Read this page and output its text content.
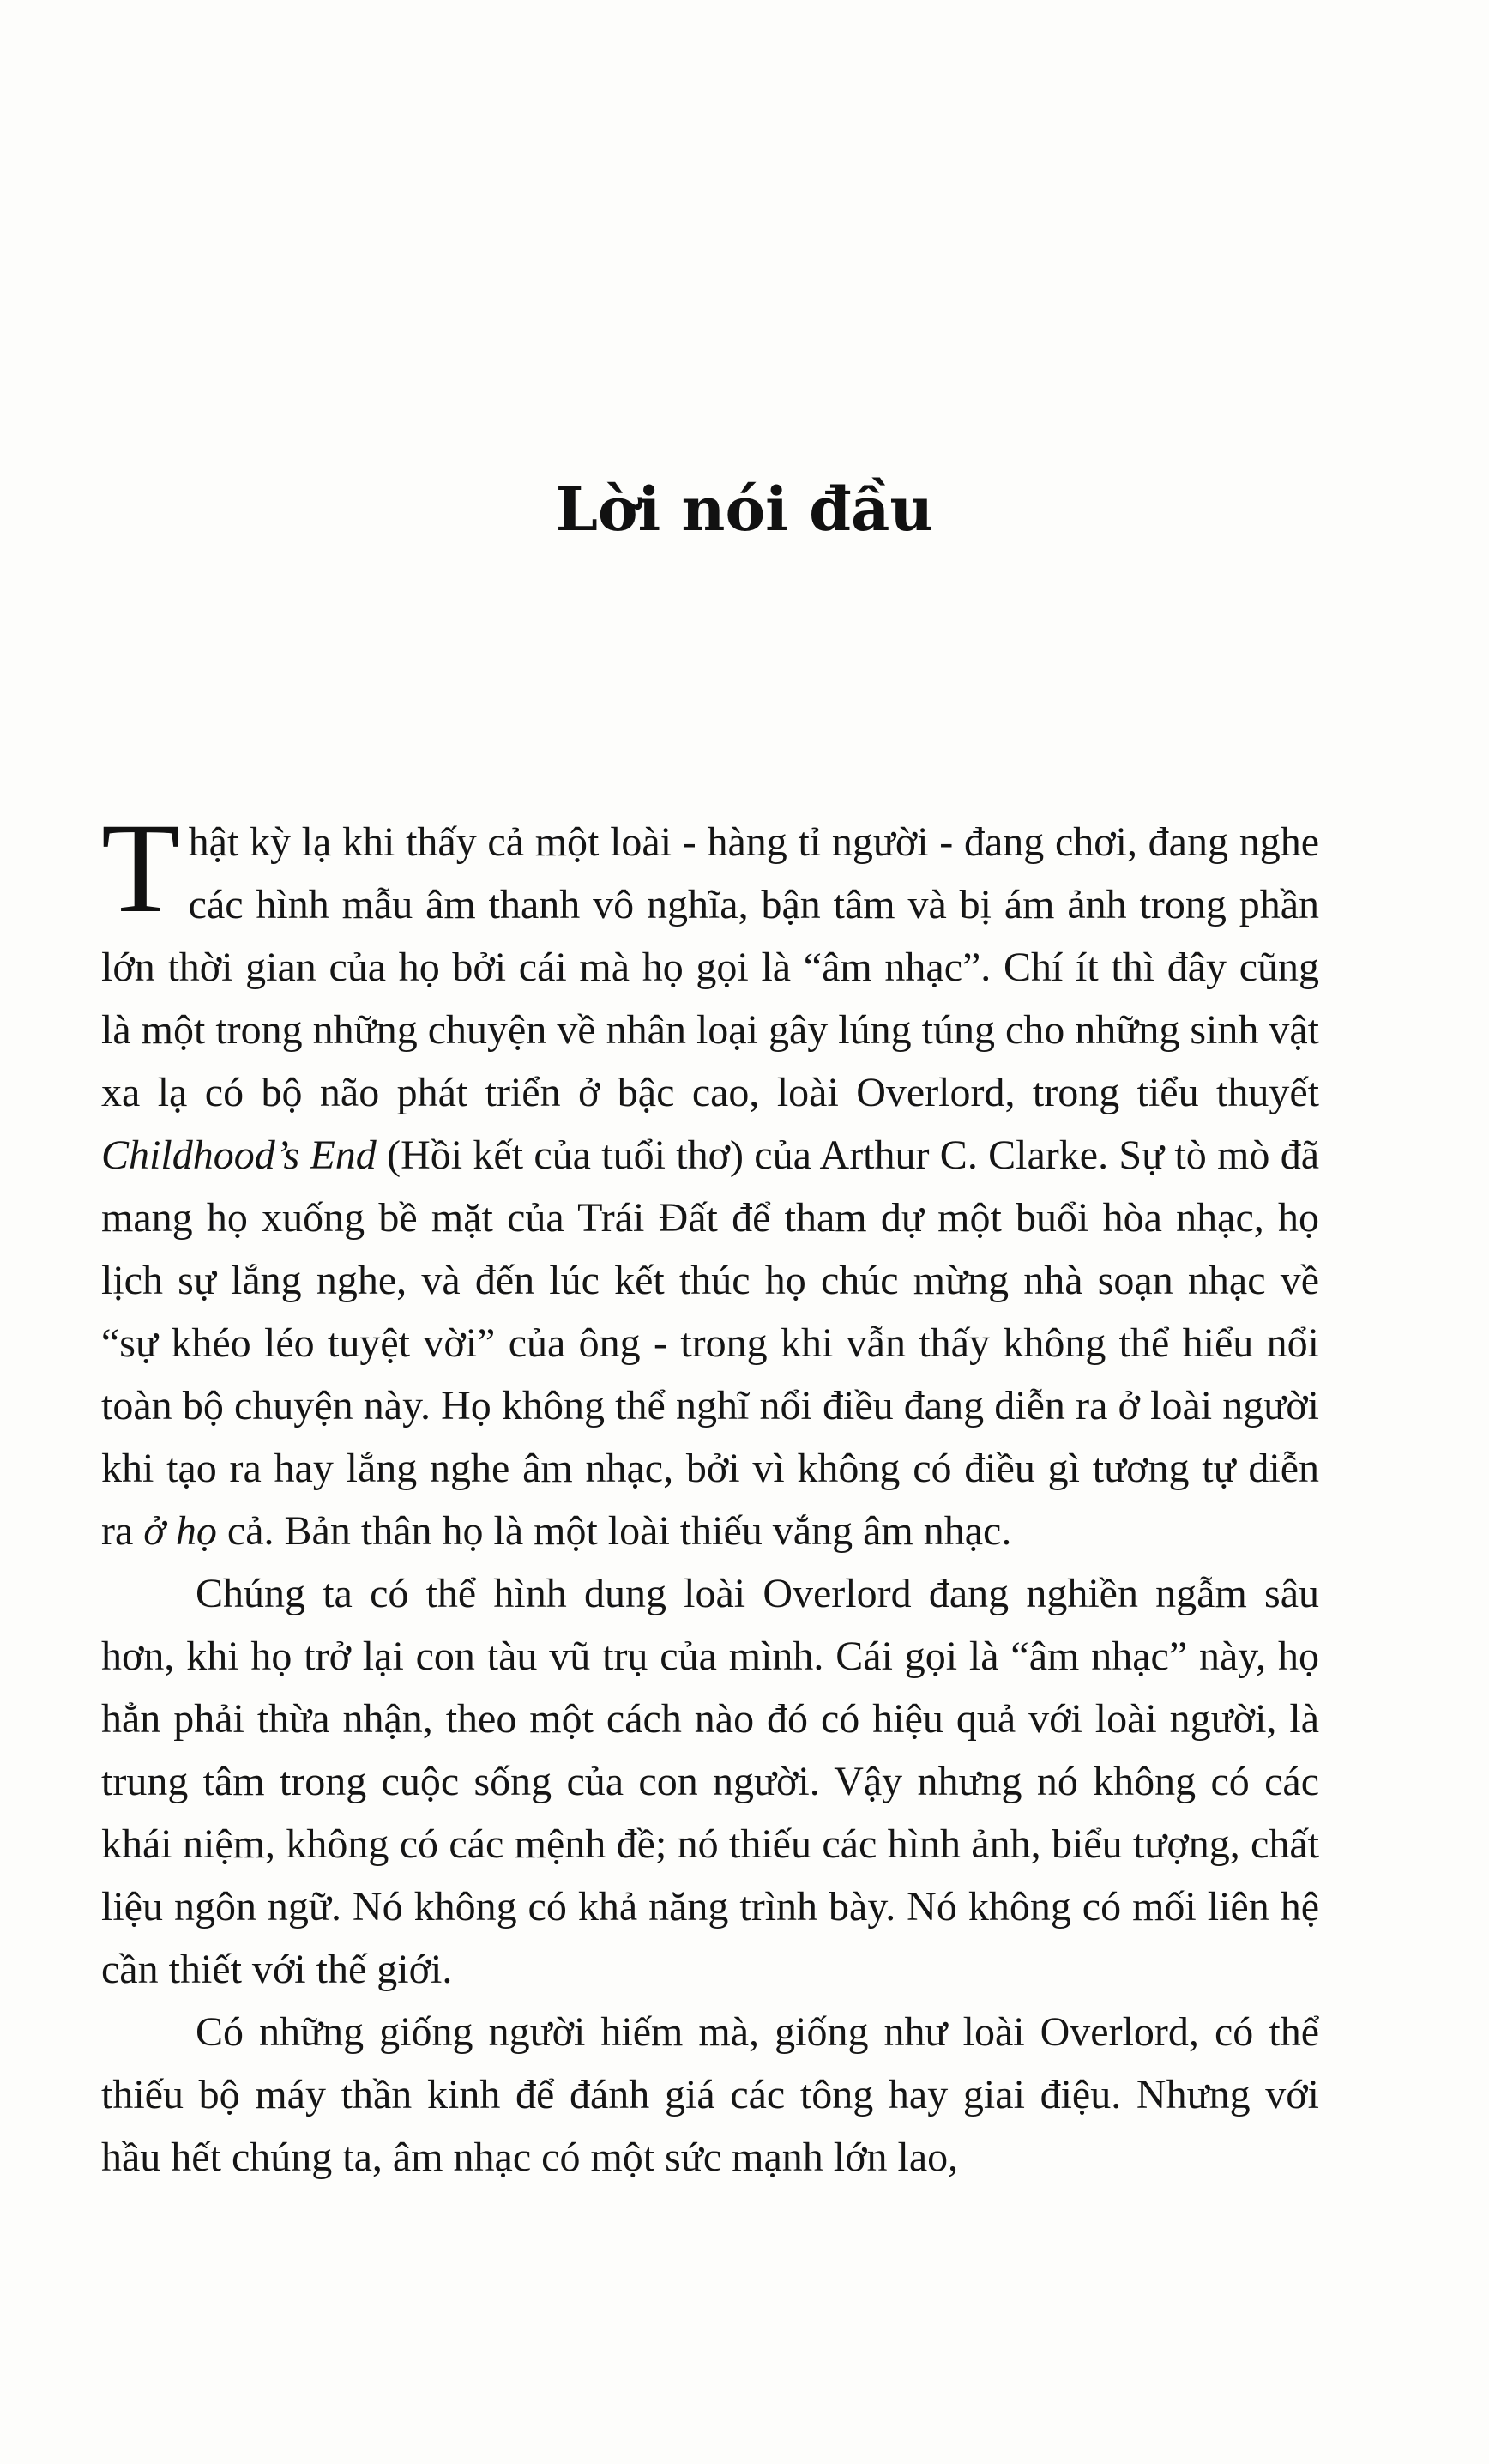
Lời nói đầu

Thật kỳ lạ khi thấy cả một loài - hàng tỉ người - đang chơi, đang nghe các hình mẫu âm thanh vô nghĩa, bận tâm và bị ám ảnh trong phần lớn thời gian của họ bởi cái mà họ gọi là “âm nhạc”. Chí ít thì đây cũng là một trong những chuyện về nhân loại gây lúng túng cho những sinh vật xa lạ có bộ não phát triển ở bậc cao, loài Overlord, trong tiểu thuyết Childhood’s End (Hồi kết của tuổi thơ) của Arthur C. Clarke. Sự tò mò đã mang họ xuống bề mặt của Trái Đất để tham dự một buổi hòa nhạc, họ lịch sự lắng nghe, và đến lúc kết thúc họ chúc mừng nhà soạn nhạc về “sự khéo léo tuyệt vời” của ông - trong khi vẫn thấy không thể hiểu nổi toàn bộ chuyện này. Họ không thể nghĩ nổi điều đang diễn ra ở loài người khi tạo ra hay lắng nghe âm nhạc, bởi vì không có điều gì tương tự diễn ra ở họ cả. Bản thân họ là một loài thiếu vắng âm nhạc.

Chúng ta có thể hình dung loài Overlord đang nghiền ngẫm sâu hơn, khi họ trở lại con tàu vũ trụ của mình. Cái gọi là “âm nhạc” này, họ hẳn phải thừa nhận, theo một cách nào đó có hiệu quả với loài người, là trung tâm trong cuộc sống của con người. Vậy nhưng nó không có các khái niệm, không có các mệnh đề; nó thiếu các hình ảnh, biểu tượng, chất liệu ngôn ngữ. Nó không có khả năng trình bày. Nó không có mối liên hệ cần thiết với thế giới.

Có những giống người hiếm mà, giống như loài Overlord, có thể thiếu bộ máy thần kinh để đánh giá các tông hay giai điệu. Nhưng với hầu hết chúng ta, âm nhạc có một sức mạnh lớn lao,
